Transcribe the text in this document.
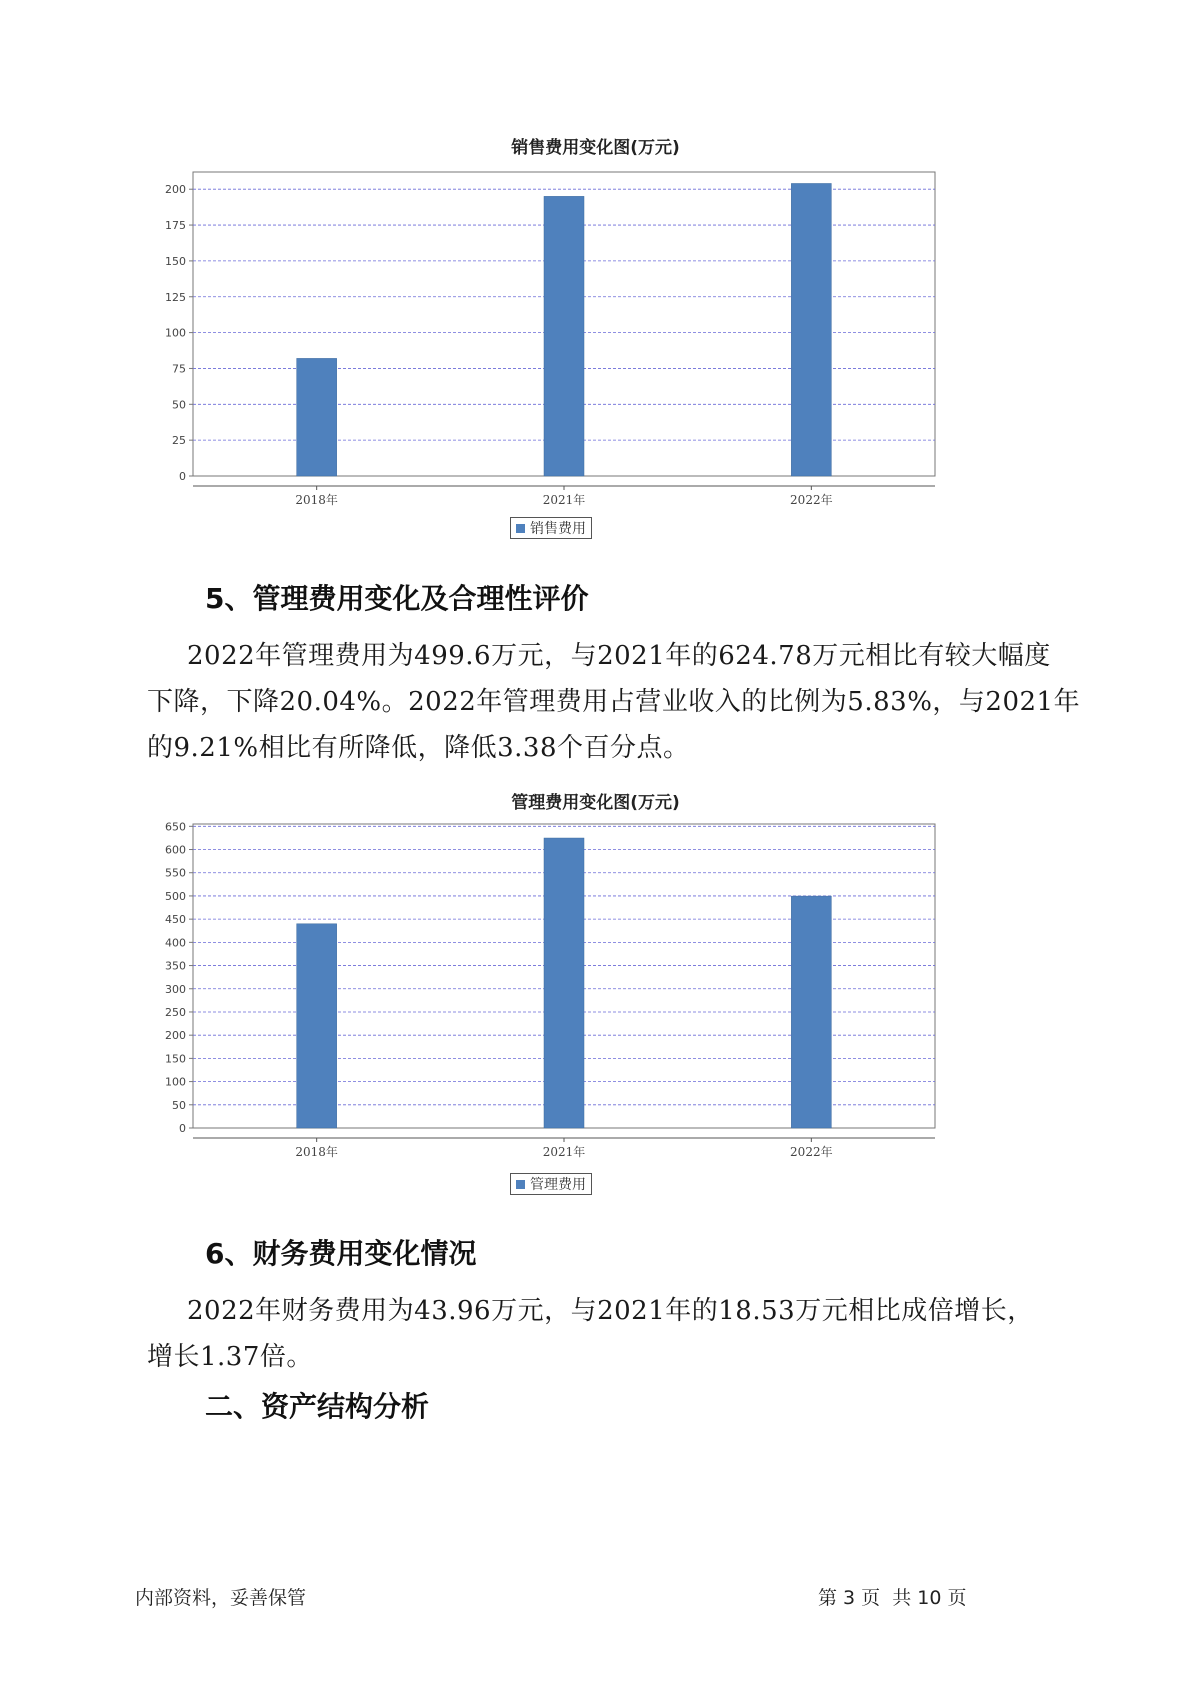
销售费用变化图(万元)
0
25
50
75
100
125
150
175
200
2018年	2021年	2022年
销售费用
5、管理费用变化及合理性评价
2022年管理费用为499.6万元，与2021年的624.78万元相比有较大幅度
下降，下降20.04%。2022年管理费用占营业收入的比例为5.83%，与2021年
的9.21%相比有所降低，降低3.38个百分点。
管理费用变化图(万元)
0
50
100
150
200
250
300
350
400
450
500
550
600
650
2018年	2021年	2022年
管理费用
6、财务费用变化情况
2022年财务费用为43.96万元，与2021年的18.53万元相比成倍增长，
增长1.37倍。
二、资产结构分析
内部资料，妥善保管	第 3 页  共 10 页
